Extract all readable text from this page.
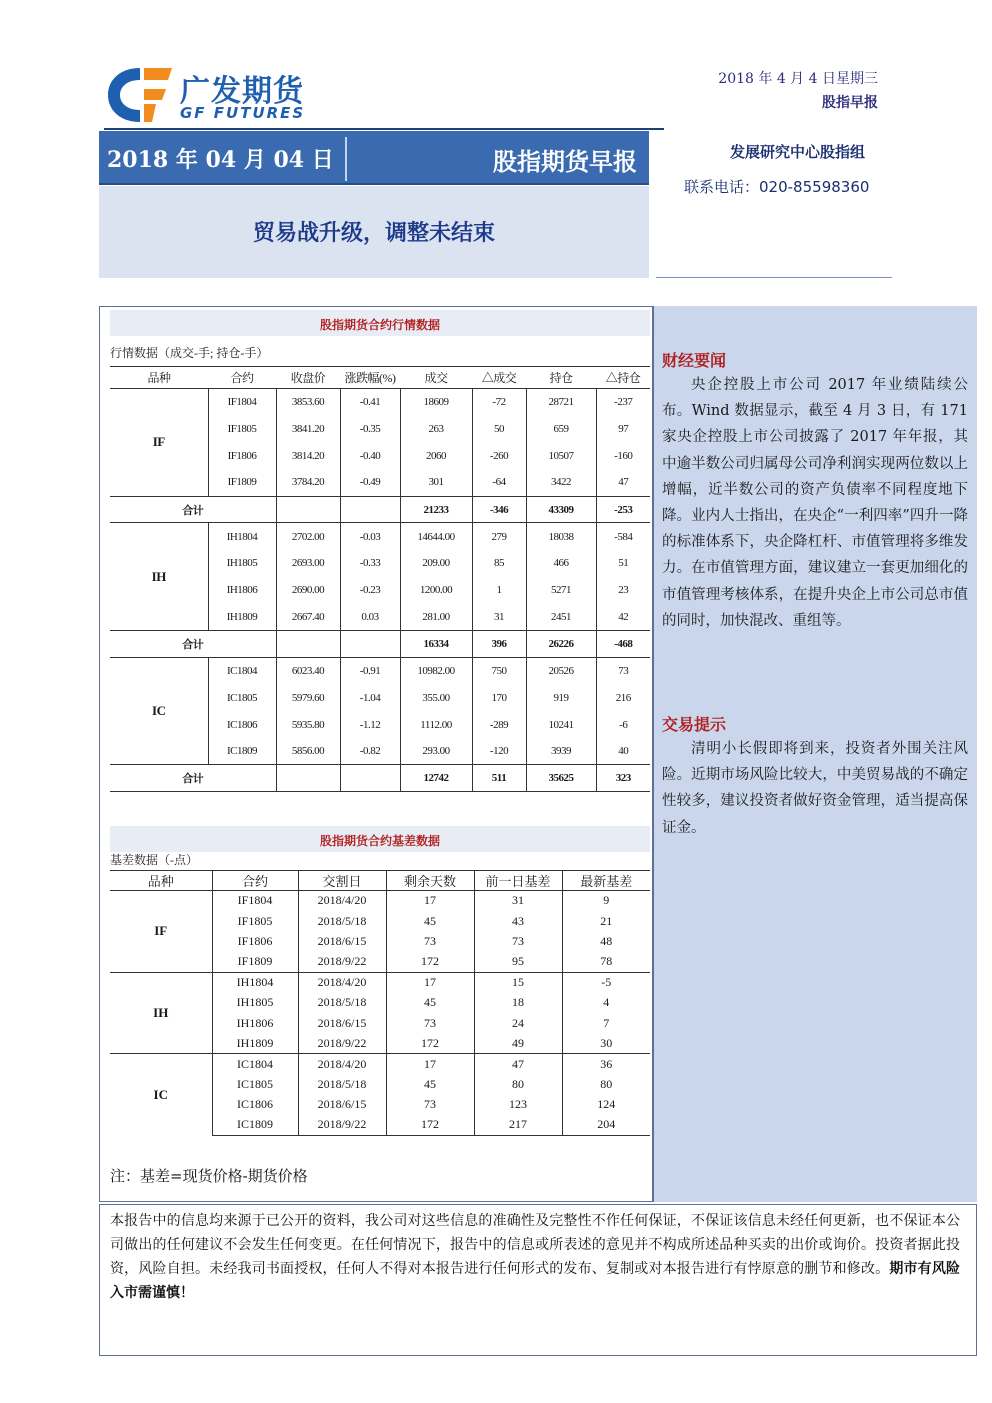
广发期货
GF FUTURES
2018 年 4 月 4 日星期三
股指早报
发展研究中心股指组
联系电话：020-85598360
2018 年 04 月 04 日	股指期货早报
贸易战升级，调整未结束
股指期货合约行情数据
行情数据（成交-手; 持仓-手）
品种	合约	收盘价	涨跌幅(%)	成交	△成交	持仓	△持仓
IF	IF1804	3853.60	-0.41	18609	-72	28721	-237
	IF1805	3841.20	-0.35	263	50	659	97
	IF1806	3814.20	-0.40	2060	-260	10507	-160
	IF1809	3784.20	-0.49	301	-64	3422	47
合计				21233	-346	43309	-253
IH	IH1804	2702.00	-0.03	14644.00	279	18038	-584
	IH1805	2693.00	-0.33	209.00	85	466	51
	IH1806	2690.00	-0.23	1200.00	1	5271	23
	IH1809	2667.40	0.03	281.00	31	2451	42
合计				16334	396	26226	-468
IC	IC1804	6023.40	-0.91	10982.00	750	20526	73
	IC1805	5979.60	-1.04	355.00	170	919	216
	IC1806	5935.80	-1.12	1112.00	-289	10241	-6
	IC1809	5856.00	-0.82	293.00	-120	3939	40
合计				12742	511	35625	323
股指期货合约基差数据
基差数据（-点）
品种	合约	交割日	剩余天数	前一日基差	最新基差
IF	IF1804	2018/4/20	17	31	9
	IF1805	2018/5/18	45	43	21
	IF1806	2018/6/15	73	73	48
	IF1809	2018/9/22	172	95	78
IH	IH1804	2018/4/20	17	15	-5
	IH1805	2018/5/18	45	18	4
	IH1806	2018/6/15	73	24	7
	IH1809	2018/9/22	172	49	30
IC	IC1804	2018/4/20	17	47	36
	IC1805	2018/5/18	45	80	80
	IC1806	2018/6/15	73	123	124
	IC1809	2018/9/22	172	217	204
注：基差=现货价格-期货价格
财经要闻
央企控股上市公司 2017 年业绩陆续公布。Wind 数据显示，截至 4 月 3 日，有 171 家央企控股上市公司披露了 2017 年年报，其中逾半数公司归属母公司净利润实现两位数以上增幅，近半数公司的资产负债率不同程度地下降。业内人士指出，在央企“一利四率”四升一降的标准体系下，央企降杠杆、市值管理将多维发力。在市值管理方面，建议建立一套更加细化的市值管理考核体系，在提升央企上市公司总市值的同时，加快混改、重组等。
交易提示
清明小长假即将到来，投资者外围关注风险。近期市场风险比较大，中美贸易战的不确定性较多，建议投资者做好资金管理，适当提高保证金。
本报告中的信息均来源于已公开的资料，我公司对这些信息的准确性及完整性不作任何保证，不保证该信息未经任何更新，也不保证本公司做出的任何建议不会发生任何变更。在任何情况下，报告中的信息或所表述的意见并不构成所述品种买卖的出价或询价。投资者据此投资，风险自担。未经我司书面授权，任何人不得对本报告进行任何形式的发布、复制或对本报告进行有悖原意的删节和修改。期市有风险 入市需谨慎！
